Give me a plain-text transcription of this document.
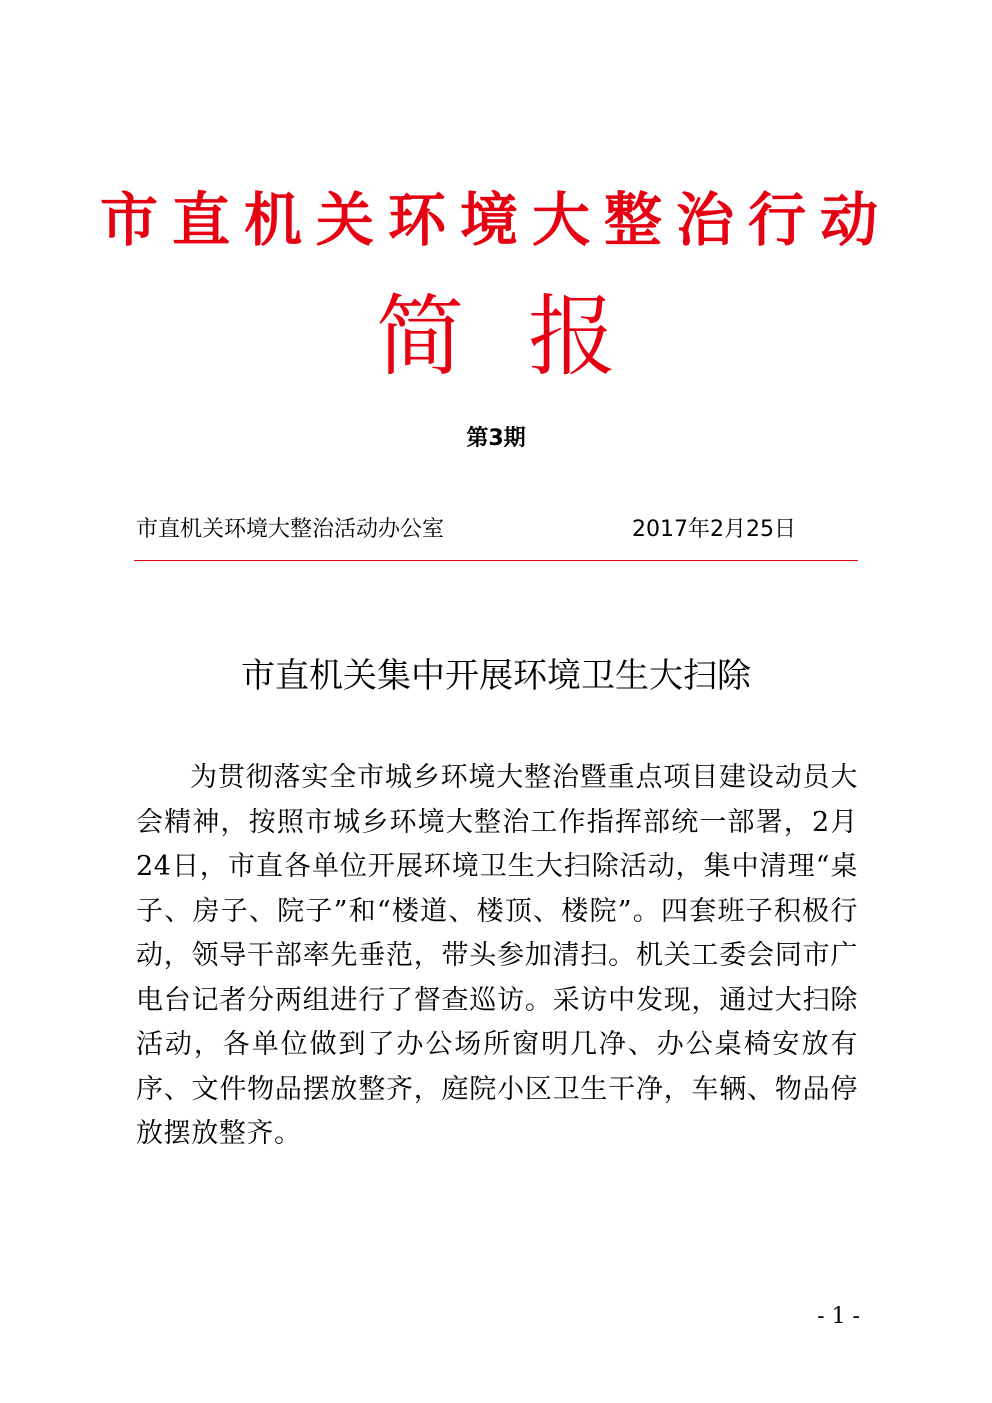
市直机关环境大整治行动
简 报
第3期
市直机关环境大整治活动办公室	2017年2月25日
市直机关集中开展环境卫生大扫除

为贯彻落实全市城乡环境大整治暨重点项目建设动员大会精神，按照市城乡环境大整治工作指挥部统一部署，2月24日，市直各单位开展环境卫生大扫除活动，集中清理“桌子、房子、院子”和“楼道、楼顶、楼院”。四套班子积极行动，领导干部率先垂范，带头参加清扫。机关工委会同市广电台记者分两组进行了督查巡访。采访中发现，通过大扫除活动，各单位做到了办公场所窗明几净、办公桌椅安放有序、文件物品摆放整齐，庭院小区卫生干净，车辆、物品停放摆放整齐。

- 1 -
